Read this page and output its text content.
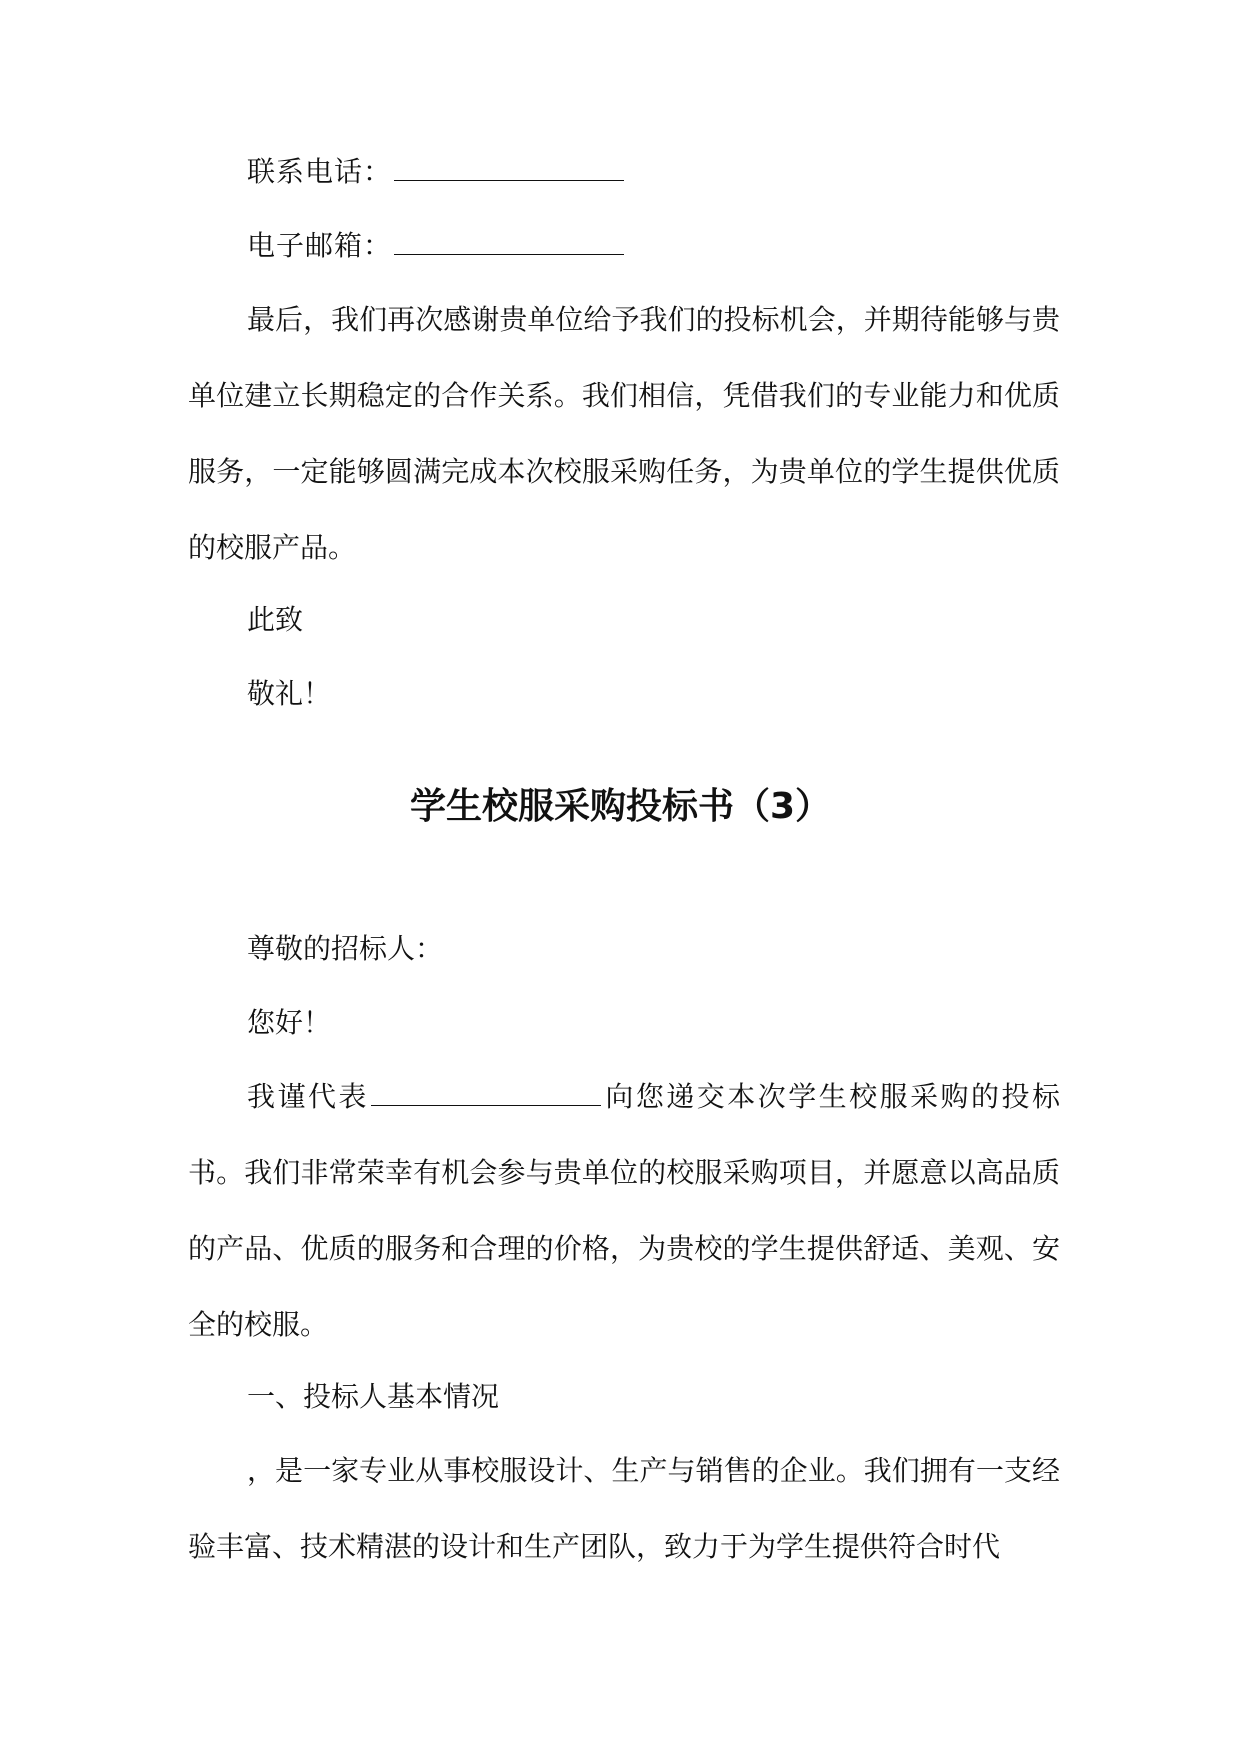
联系电话：

电子邮箱：

最后，我们再次感谢贵单位给予我们的投标机会，并期待能够与贵单位建立长期稳定的合作关系。我们相信，凭借我们的专业能力和优质服务，一定能够圆满完成本次校服采购任务，为贵单位的学生提供优质的校服产品。

此致

敬礼！

学生校服采购投标书（3）

尊敬的招标人：

您好！

我谨代表	向您递交本次学生校服采购的投标书。我们非常荣幸有机会参与贵单位的校服采购项目，并愿意以高品质的产品、优质的服务和合理的价格，为贵校的学生提供舒适、美观、安全的校服。

一、投标人基本情况

，是一家专业从事校服设计、生产与销售的企业。我们拥有一支经验丰富、技术精湛的设计和生产团队，致力于为学生提供符合时代
